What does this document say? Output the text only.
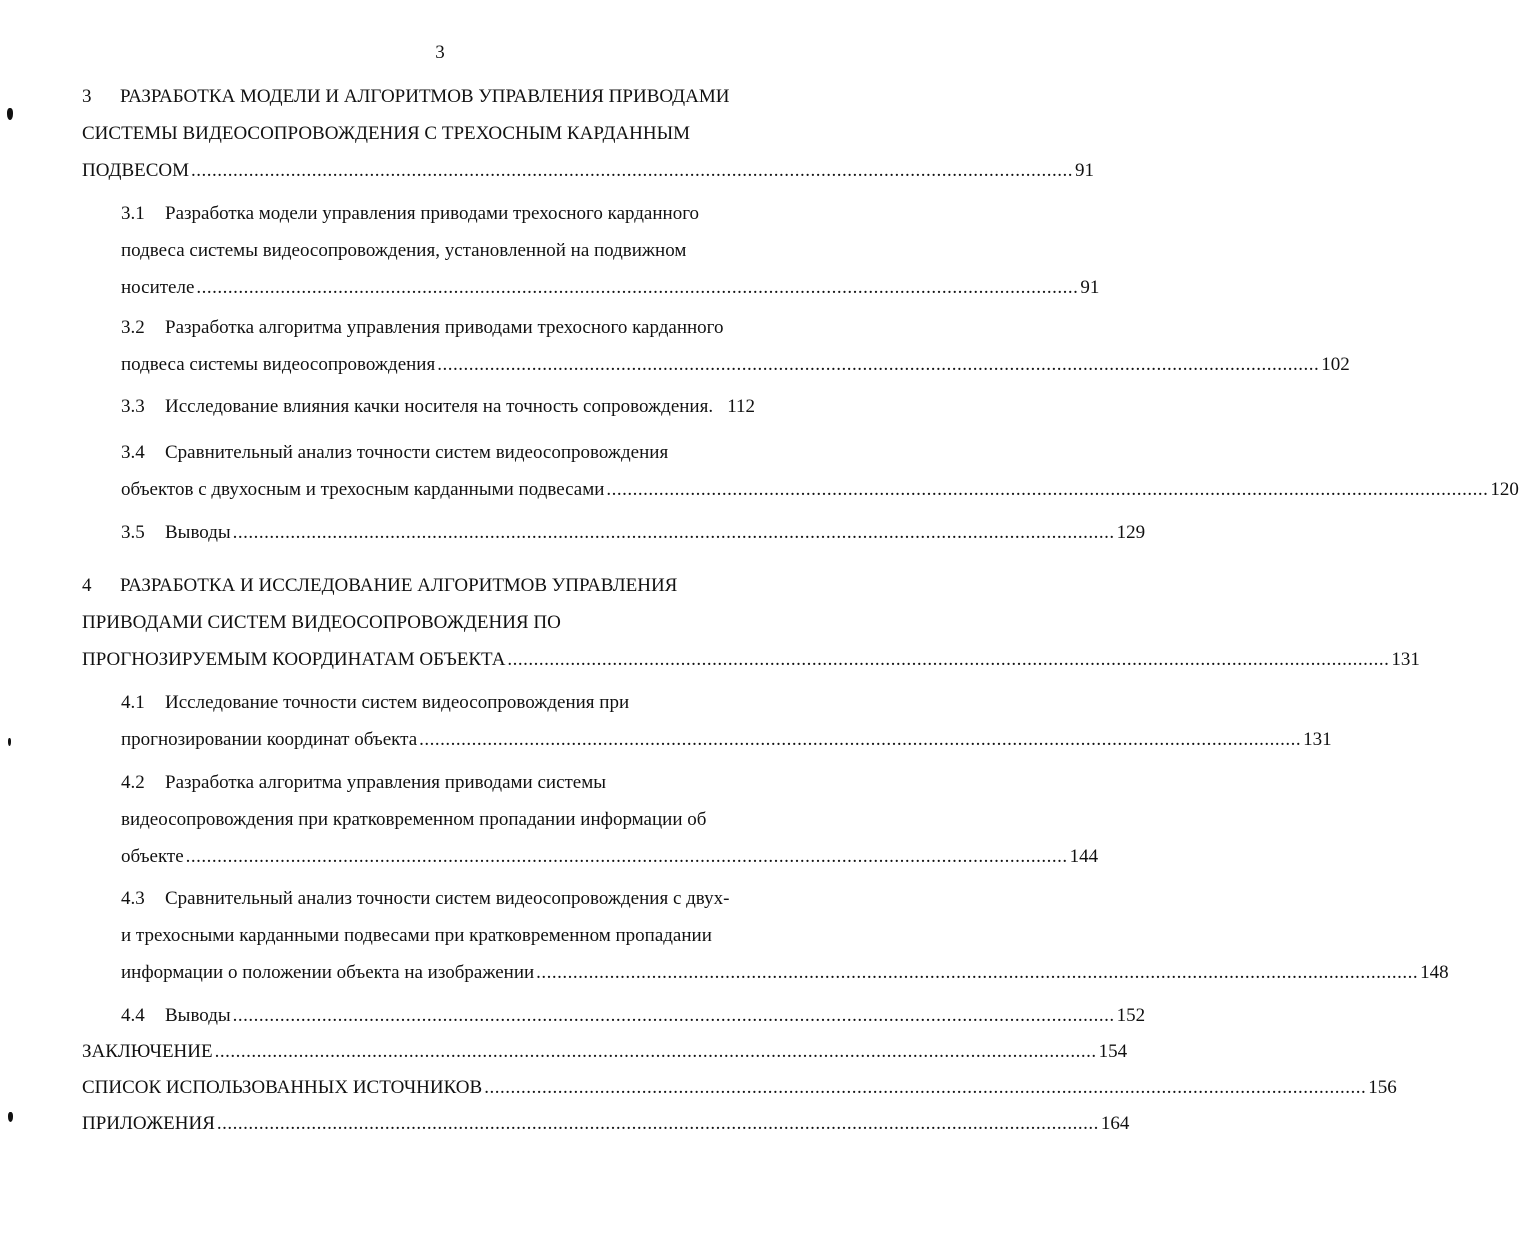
3
3 РАЗРАБОТКА МОДЕЛИ И АЛГОРИТМОВ УПРАВЛЕНИЯ ПРИВОДАМИ
СИСТЕМЫ ВИДЕОСОПРОВОЖДЕНИЯ С ТРЕХОСНЫМ КАРДАННЫМ
ПОДВЕСОМ ........................................................................................................................................................................ 91
3.1 Разработка модели управления приводами трехосного карданного
подвеса системы видеосопровождения, установленной на подвижном
носителе ........................................................................................................................................................................ 91
3.2 Разработка алгоритма управления приводами трехосного карданного
подвеса системы видеосопровождения ........................................................................................................................................................................ 102
3.3 Исследование влияния качки носителя на точность сопровождения. 112
3.4 Сравнительный анализ точности систем видеосопровождения
объектов с двухосным и трехосным карданными подвесами ........................................................................................................................................................................ 120
3.5 Выводы ........................................................................................................................................................................ 129
4 РАЗРАБОТКА И ИССЛЕДОВАНИЕ АЛГОРИТМОВ УПРАВЛЕНИЯ
ПРИВОДАМИ СИСТЕМ ВИДЕОСОПРОВОЖДЕНИЯ ПО
ПРОГНОЗИРУЕМЫМ КООРДИНАТАМ ОБЪЕКТА ........................................................................................................................................................................ 131
4.1 Исследование точности систем видеосопровождения при
прогнозировании координат объекта ........................................................................................................................................................................ 131
4.2 Разработка алгоритма управления приводами системы
видеосопровождения при кратковременном пропадании информации об
объекте ........................................................................................................................................................................ 144
4.3 Сравнительный анализ точности систем видеосопровождения с двух-
и трехосными карданными подвесами при кратковременном пропадании
информации о положении объекта на изображении ........................................................................................................................................................................ 148
4.4 Выводы ........................................................................................................................................................................ 152
ЗАКЛЮЧЕНИЕ ........................................................................................................................................................................ 154
СПИСОК ИСПОЛЬЗОВАННЫХ ИСТОЧНИКОВ ........................................................................................................................................................................ 156
ПРИЛОЖЕНИЯ ........................................................................................................................................................................ 164
